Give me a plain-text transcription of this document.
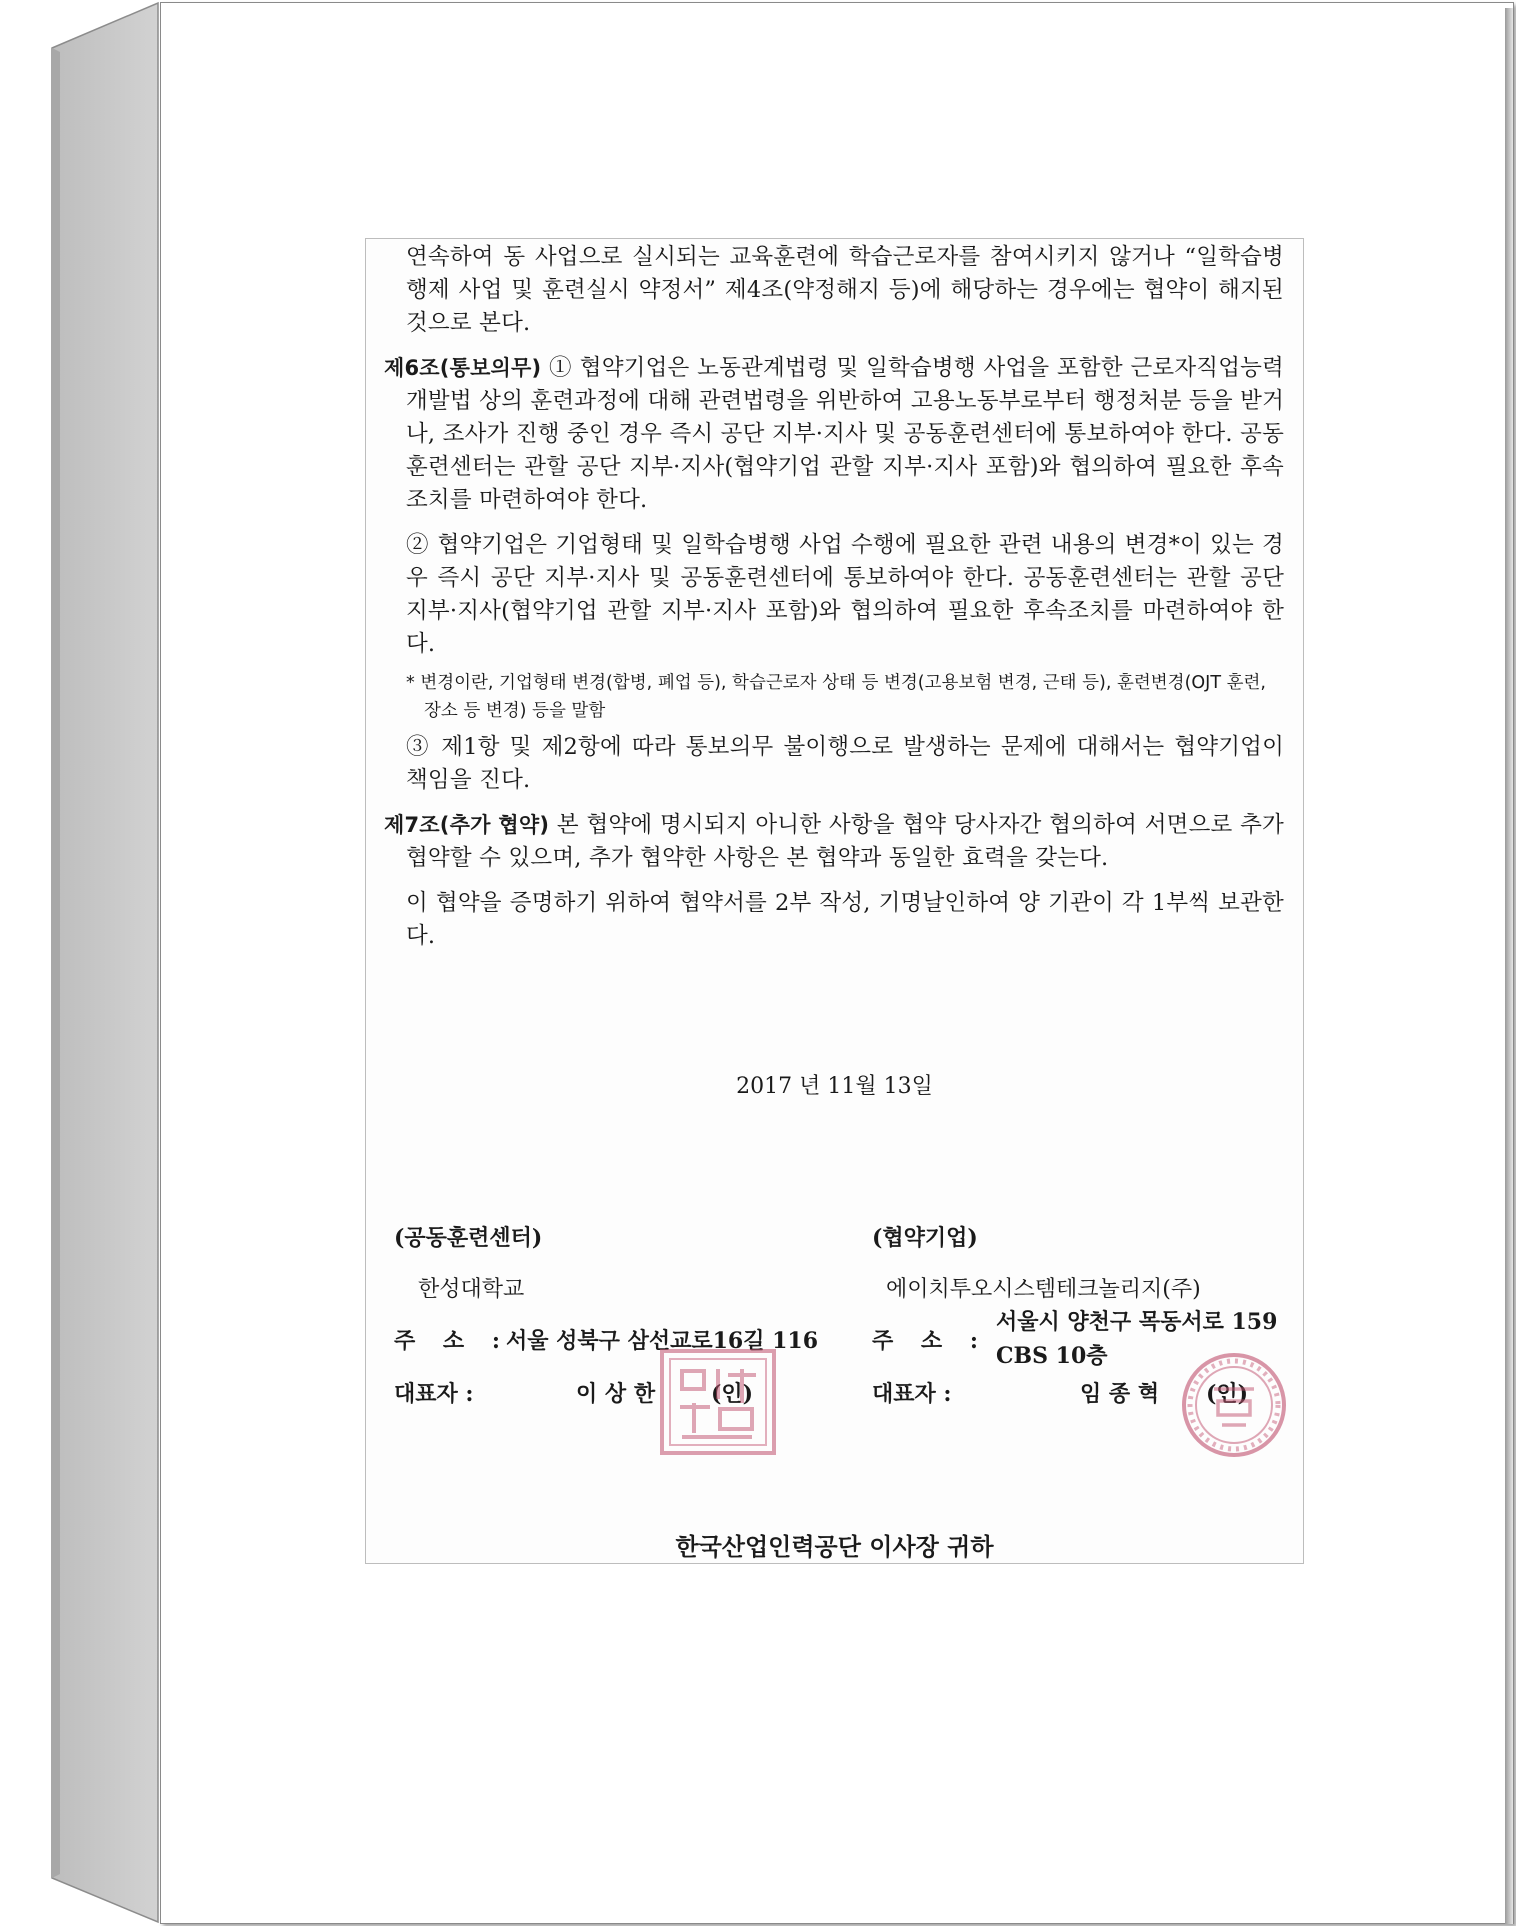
연속하여 동 사업으로 실시되는 교육훈련에 학습근로자를 참여시키지 않거나 “일학습병행제 사업 및 훈련실시 약정서” 제4조(약정해지 등)에 해당하는 경우에는 협약이 해지된 것으로 본다.

제6조(통보의무) ① 협약기업은 노동관계법령 및 일학습병행 사업을 포함한 근로자직업능력개발법 상의 훈련과정에 대해 관련법령을 위반하여 고용노동부로부터 행정처분 등을 받거나, 조사가 진행 중인 경우 즉시 공단 지부·지사 및 공동훈련센터에 통보하여야 한다. 공동훈련센터는 관할 공단 지부·지사(협약기업 관할 지부·지사 포함)와 협의하여 필요한 후속조치를 마련하여야 한다.

② 협약기업은 기업형태 및 일학습병행 사업 수행에 필요한 관련 내용의 변경*이 있는 경우 즉시 공단 지부·지사 및 공동훈련센터에 통보하여야 한다. 공동훈련센터는 관할 공단 지부·지사(협약기업 관할 지부·지사 포함)와 협의하여 필요한 후속조치를 마련하여야 한다.

* 변경이란, 기업형태 변경(합병, 폐업 등), 학습근로자 상태 등 변경(고용보험 변경, 근태 등), 훈련변경(OJT 훈련, 장소 등 변경) 등을 말함

③ 제1항 및 제2항에 따라 통보의무 불이행으로 발생하는 문제에 대해서는 협약기업이 책임을 진다.

제7조(추가 협약) 본 협약에 명시되지 아니한 사항을 협약 당사자간 협의하여 서면으로 추가 협약할 수 있으며, 추가 협약한 사항은 본 협약과 동일한 효력을 갖는다.

이 협약을 증명하기 위하여 협약서를 2부 작성, 기명날인하여 양 기관이 각 1부씩 보관한다.

2017 년 11월 13일
(공동훈련센터)
한성대학교
주 소 :
서울 성북구 삼선교로16길 116
대표자 :	이 상 한	(인)
(협약기업)
에이치투오시스템테크놀리지(주)
주 소 :
서울시 양천구 목동서로 159
CBS 10층
대표자 :	임 종 혁 (인)
한국산업인력공단 이사장 귀하
